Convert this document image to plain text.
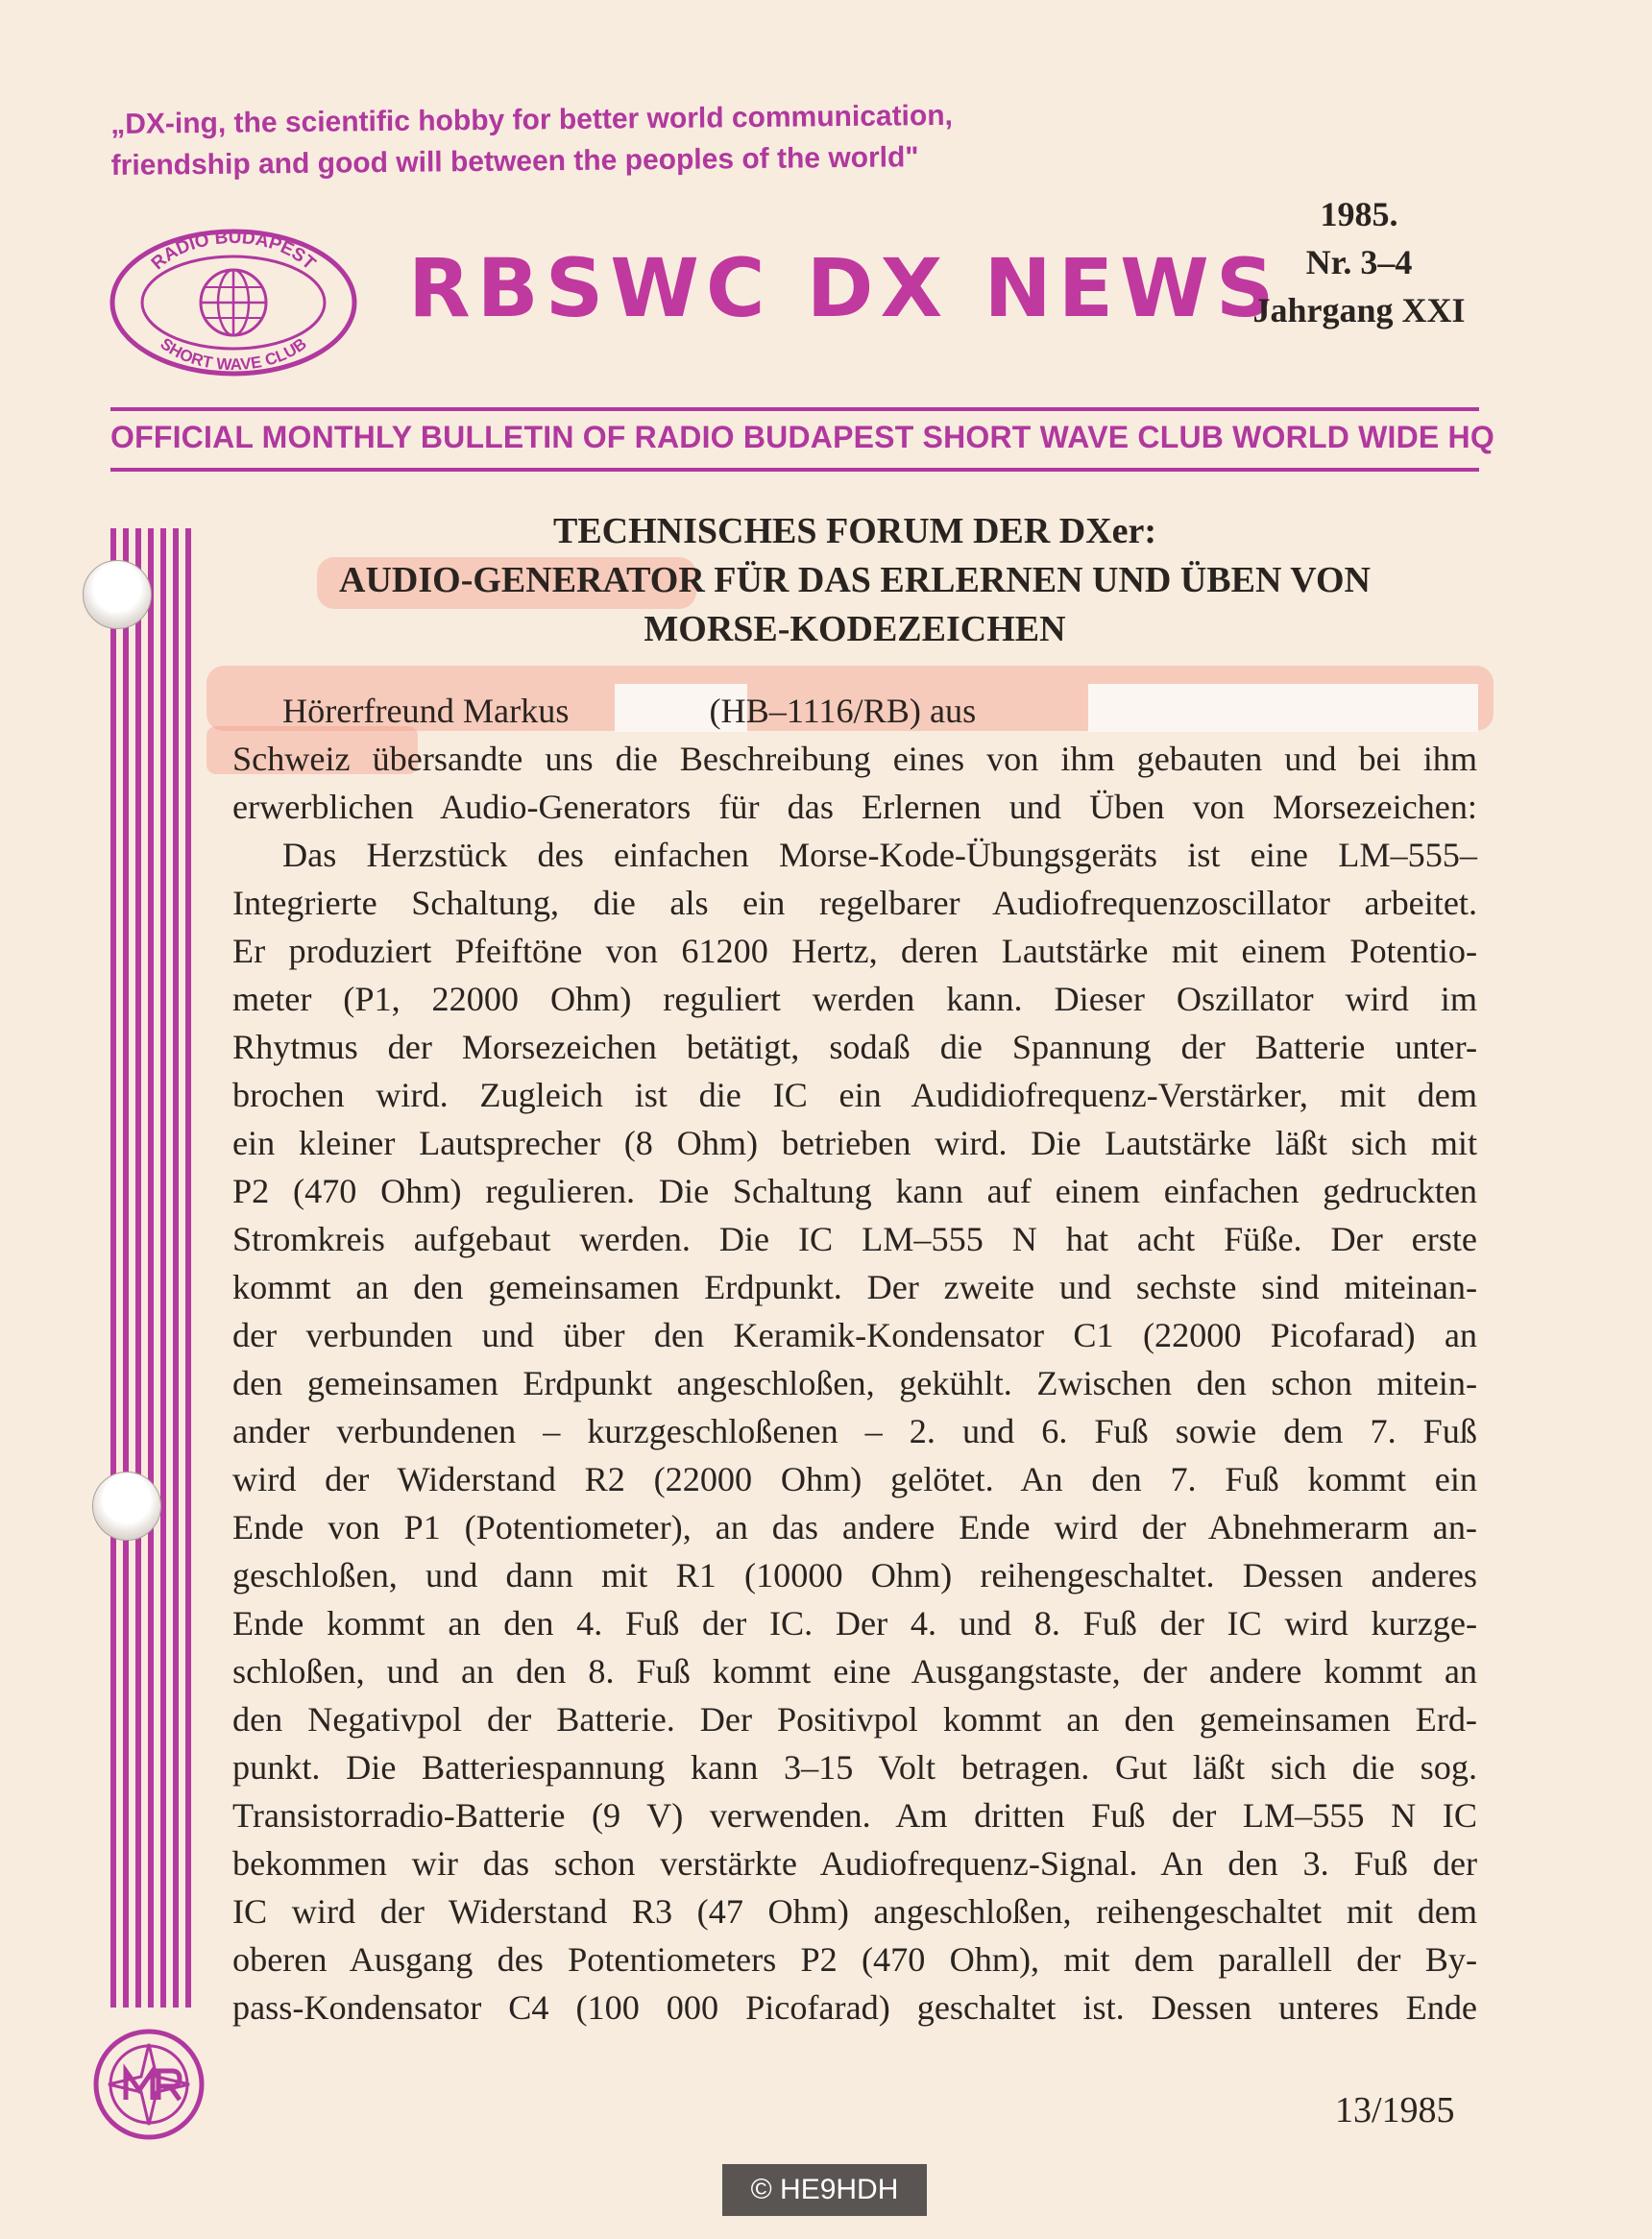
„DX-ing, the scientific hobby for better world communication,
friendship and good will between the peoples of the world"
RADIO BUDAPEST
SHORT WAVE CLUB
RBSWC DX NEWS
1985.
Nr. 3–4
Jahrgang XXI
OFFICIAL MONTHLY BULLETIN OF RADIO BUDAPEST SHORT WAVE CLUB WORLD WIDE HQ
TECHNISCHES FORUM DER DXer:
AUDIO-GENERATOR FÜR DAS ERLERNEN UND ÜBEN VON
MORSE-KODEZEICHEN
Hörerfreund Markus	(HB–1116/RB) aus
Schweiz übersandte uns die Beschreibung eines von ihm gebauten und bei ihm
erwerblichen Audio-Generators für das Erlernen und Üben von Morsezeichen:
Das Herzstück des einfachen Morse-Kode-Übungsgeräts ist eine LM–555–
Integrierte Schaltung, die als ein regelbarer Audiofrequenzoscillator arbeitet.
Er produziert Pfeiftöne von 61200 Hertz, deren Lautstärke mit einem Potentio-
meter (P1, 22000 Ohm) reguliert werden kann. Dieser Oszillator wird im
Rhytmus der Morsezeichen betätigt, sodaß die Spannung der Batterie unter-
brochen wird. Zugleich ist die IC ein Audidiofrequenz-Verstärker, mit dem
ein kleiner Lautsprecher (8 Ohm) betrieben wird. Die Lautstärke läßt sich mit
P2 (470 Ohm) regulieren. Die Schaltung kann auf einem einfachen gedruckten
Stromkreis aufgebaut werden. Die IC LM–555 N hat acht Füße. Der erste
kommt an den gemeinsamen Erdpunkt. Der zweite und sechste sind miteinan-
der verbunden und über den Keramik-Kondensator C1 (22000 Picofarad) an
den gemeinsamen Erdpunkt angeschloßen, gekühlt. Zwischen den schon mitein-
ander verbundenen – kurzgeschloßenen – 2. und 6. Fuß sowie dem 7. Fuß
wird der Widerstand R2 (22000 Ohm) gelötet. An den 7. Fuß kommt ein
Ende von P1 (Potentiometer), an das andere Ende wird der Abnehmerarm an-
geschloßen, und dann mit R1 (10000 Ohm) reihengeschaltet. Dessen anderes
Ende kommt an den 4. Fuß der IC. Der 4. und 8. Fuß der IC wird kurzge-
schloßen, und an den 8. Fuß kommt eine Ausgangstaste, der andere kommt an
den Negativpol der Batterie. Der Positivpol kommt an den gemeinsamen Erd-
punkt. Die Batteriespannung kann 3–15 Volt betragen. Gut läßt sich die sog.
Transistorradio-Batterie (9 V) verwenden. Am dritten Fuß der LM–555 N IC
bekommen wir das schon verstärkte Audiofrequenz-Signal. An den 3. Fuß der
IC wird der Widerstand R3 (47 Ohm) angeschloßen, reihengeschaltet mit dem
oberen Ausgang des Potentiometers P2 (470 Ohm), mit dem parallell der By-
pass-Kondensator C4 (100 000 Picofarad) geschaltet ist. Dessen unteres Ende
13/1985
© HE9HDH
